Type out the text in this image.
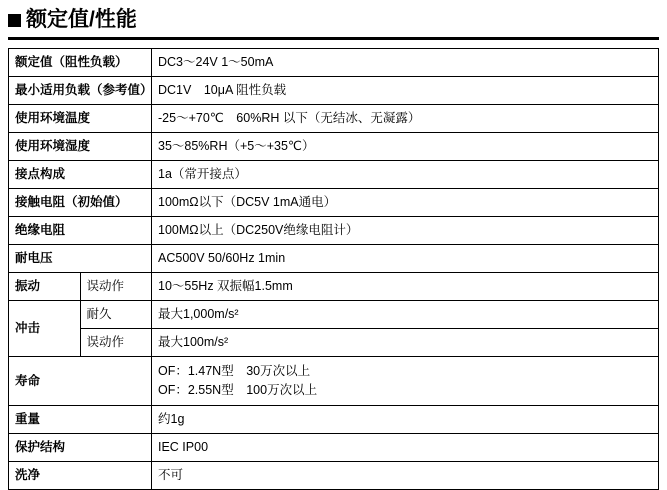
额定值/性能
额定值（阻性负载）		DC3～24V 1～50mA
最小适用负载（参考值）		DC1V　10μA 阻性负载
使用环境温度		-25～+70℃　60%RH 以下（无结冰、无凝露）
使用环境湿度		35～85%RH（+5～+35℃）
接点构成		1a（常开接点）
接触电阻（初始值）		100mΩ以下（DC5V 1mA通电）
绝缘电阻		100MΩ以上（DC250V绝缘电阻计）
耐电压		AC500V 50/60Hz 1min
振动	误动作	10～55Hz 双振幅1.5mm
冲击	耐久	最大1,000m/s²
	误动作	最大100m/s²
寿命		OF：1.47N型　30万次以上
OF：2.55N型　100万次以上

重量		约1g
保护结构		IEC IP00
洗净		不可
